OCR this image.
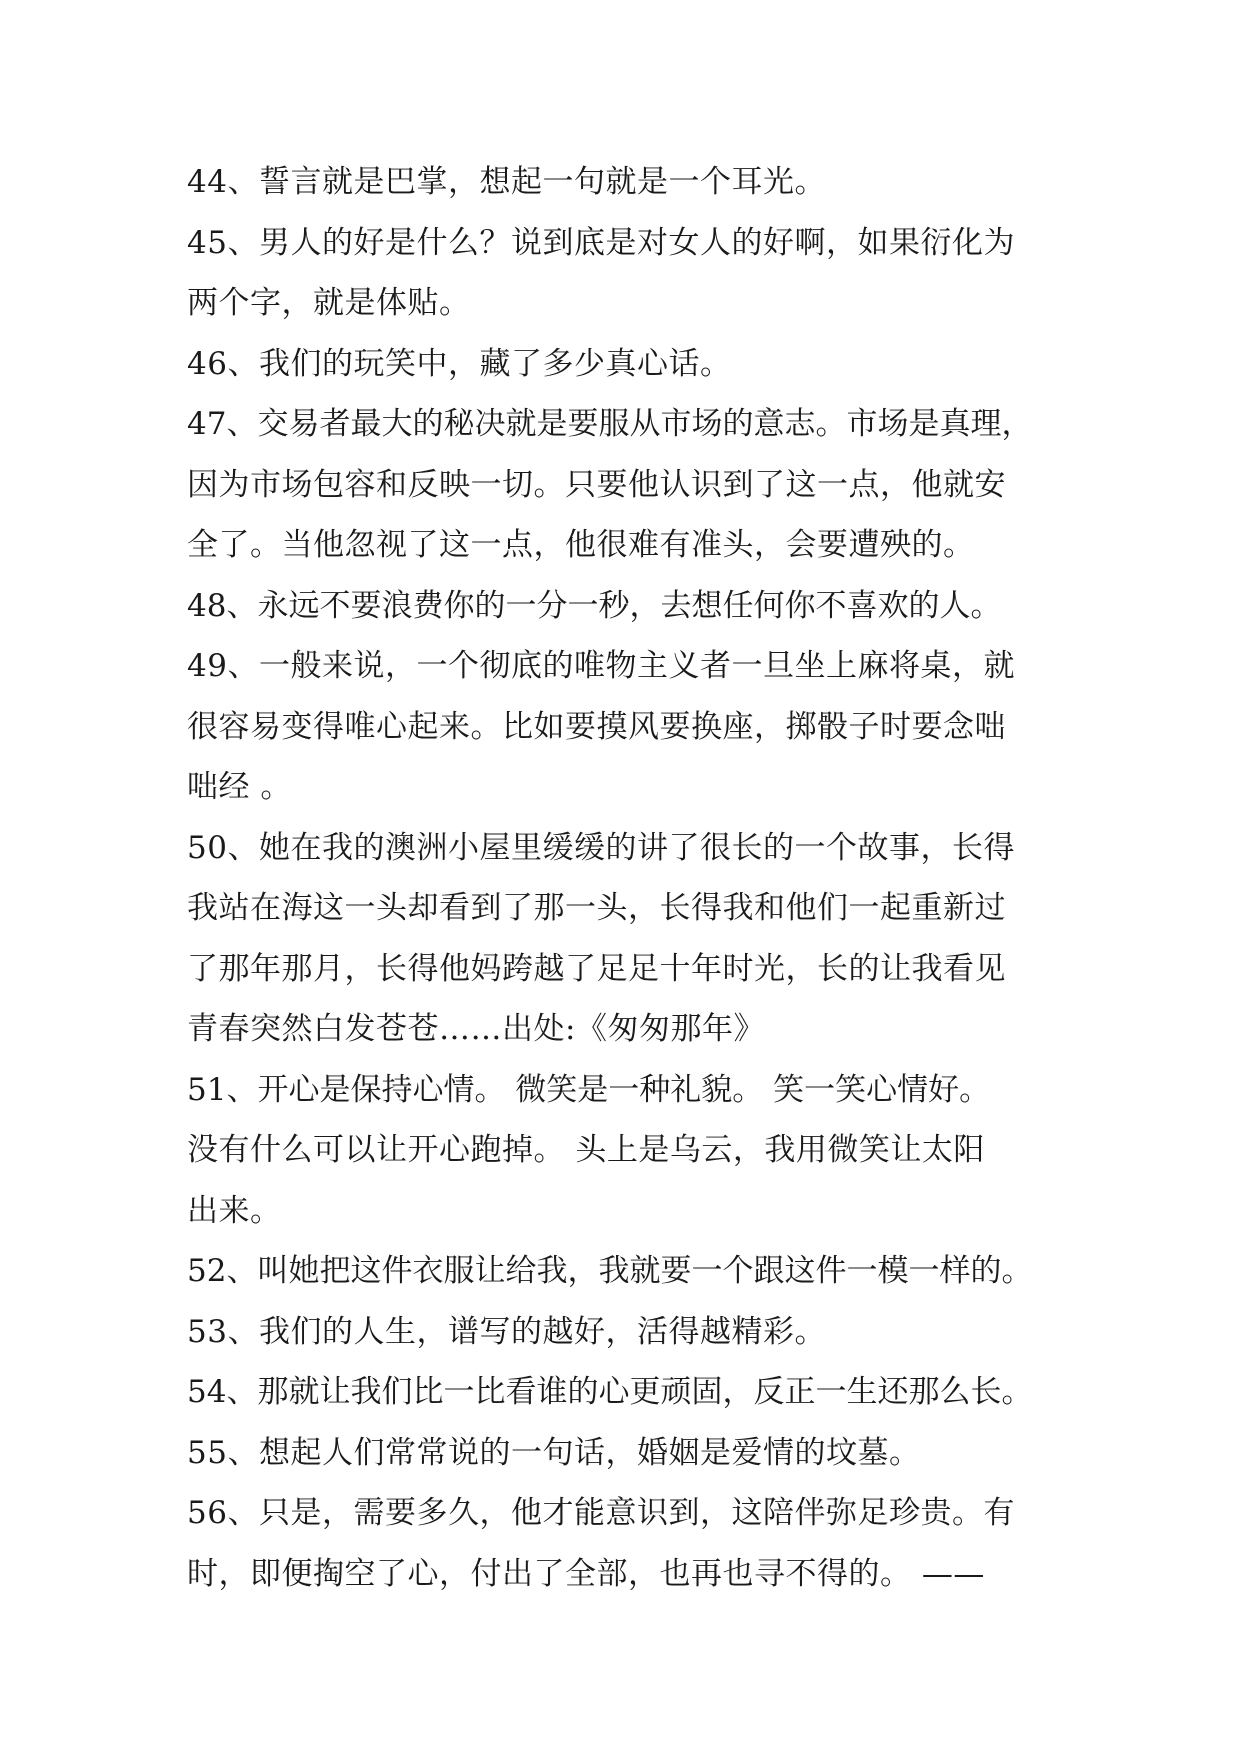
44、誓言就是巴掌，想起一句就是一个耳光。
45、男人的好是什么？说到底是对女人的好啊，如果衍化为
两个字，就是体贴。
46、我们的玩笑中，藏了多少真心话。
47、交易者最大的秘决就是要服从市场的意志。市场是真理，
因为市场包容和反映一切。只要他认识到了这一点，他就安
全了。当他忽视了这一点，他很难有准头，会要遭殃的。
48、永远不要浪费你的一分一秒，去想任何你不喜欢的人。
49、一般来说，一个彻底的唯物主义者一旦坐上麻将桌，就
很容易变得唯心起来。比如要摸风要换座，掷骰子时要念咄
咄经 。
50、她在我的澳洲小屋里缓缓的讲了很长的一个故事，长得
我站在海这一头却看到了那一头，长得我和他们一起重新过
了那年那月，长得他妈跨越了足足十年时光，长的让我看见
青春突然白发苍苍……出处:《匆匆那年》
51、开心是保持心情。 微笑是一种礼貌。 笑一笑心情好。
没有什么可以让开心跑掉。 头上是乌云，我用微笑让太阳
出来。
52、叫她把这件衣服让给我，我就要一个跟这件一模一样的。
53、我们的人生，谱写的越好，活得越精彩。
54、那就让我们比一比看谁的心更顽固，反正一生还那么长。
55、想起人们常常说的一句话，婚姻是爱情的坟墓。
56、只是，需要多久，他才能意识到，这陪伴弥足珍贵。有
时，即便掏空了心，付出了全部，也再也寻不得的。 ——
